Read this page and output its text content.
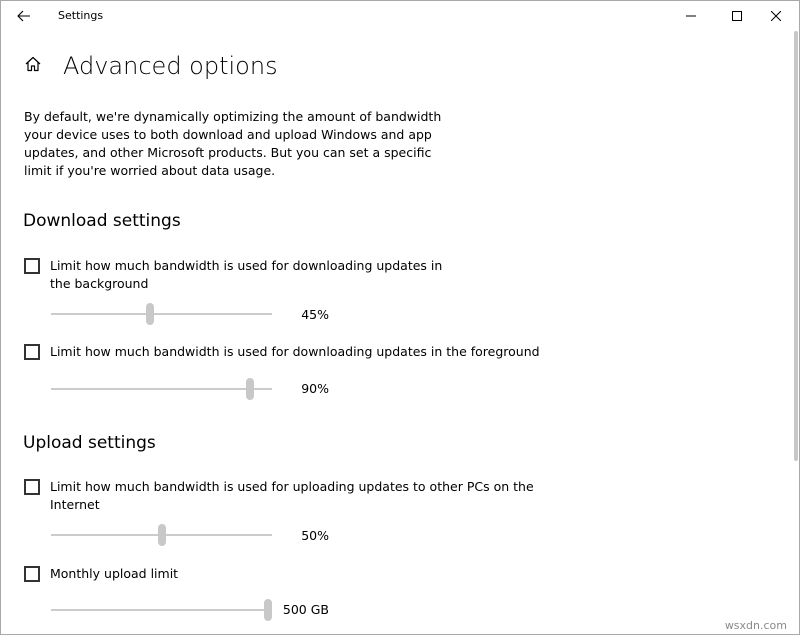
Settings
Advanced options
By default, we're dynamically optimizing the amount of bandwidth your device uses to both download and upload Windows and app updates, and other Microsoft products. But you can set a specific limit if you're worried about data usage.
Download settings
Limit how much bandwidth is used for downloading updates in the background
45%
Limit how much bandwidth is used for downloading updates in the foreground
90%
Upload settings
Limit how much bandwidth is used for uploading updates to other PCs on the Internet
50%
Monthly upload limit
500 GB
wsxdn.com
